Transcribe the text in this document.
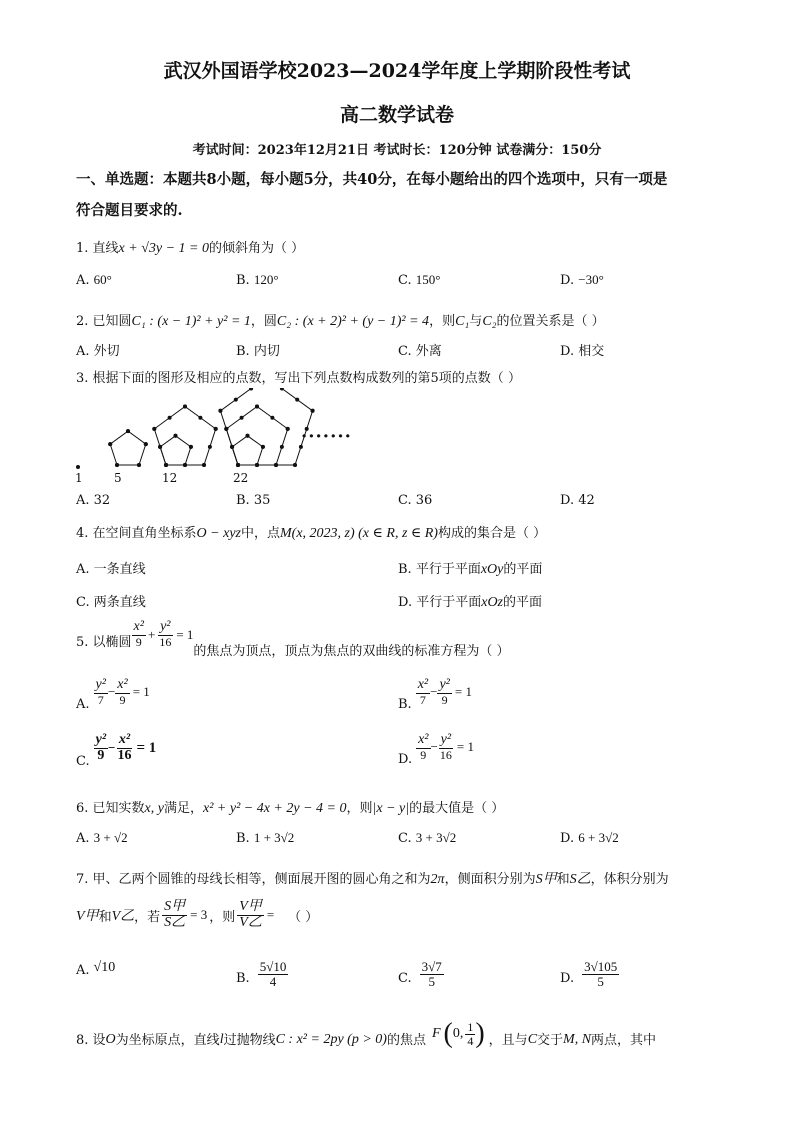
武汉外国语学校2023—2024学年度上学期阶段性考试
高二数学试卷
考试时间：2023年12月21日 考试时长：120分钟 试卷满分：150分
一、单选题：本题共8小题，每小题5分，共40分，在每小题给出的四个选项中，只有一项是
符合题目要求的.
1. 直线x + √3y − 1 = 0的倾斜角为（ ）
A. 60°	B. 120°	C. 150°	D. −30°
2. 已知圆C₁ : (x − 1)² + y² = 1，圆C₂ : (x + 2)² + (y − 1)² = 4，则C₁与C₂的位置关系是（ ）
A. 外切	B. 内切	C. 外离	D. 相交
3. 根据下面的图形及相应的点数，写出下列点数构成数列的第5项的点数（ ）
1	5	12	22
·······
A. 32	B. 35	C. 36	D. 42
4. 在空间直角坐标系O − xyz中，点M(x, 2023, z) (x ∈ R, z ∈ R)构成的集合是（ ）
A. 一条直线	B. 平行于平面xOy的平面
C. 两条直线	D. 平行于平面xOz的平面
5. 以椭圆 $\frac{\text{x²}}{9} + \frac{\text{y²}}{16} = 1$
的焦点为顶点，顶点为焦点的双曲线的标准方程为（ ）
A. $\frac{\text{y²}}{7} - \frac{\text{x²}}{9} = 1$
B. $\frac{\text{x²}}{7} - \frac{\text{y²}}{9} = 1$
C. $\frac{\text{y²}}{9} - \frac{\text{x²}}{16} = 1$
D. $\frac{\text{x²}}{9} - \frac{\text{y²}}{16} = 1$
6. 已知实数x, y满足，x² + y² − 4x + 2y − 4 = 0，则|x − y|的最大值是（ ）
A. 3 + √2	B. 1 + 3√2	C. 3 + 3√2	D. 6 + 3√2
7. 甲、乙两个圆锥的母线长相等，侧面展开图的圆心角之和为2π，侧面积分别为S甲和S乙，体积分别为
V甲 和 V乙 ，若 $\frac{\text{S甲}}{\text{S乙}} = 3$ ，则 $\frac{\text{V甲}}{\text{V乙}}$ = （ ）
A. √10
B. $\frac{5√10}{4}$	C. $\frac{3√7}{5}$	D. $\frac{3√105}{5}$
8. 设 O 为坐标原点，直线 l 过抛物线 C : x² = 2py (p > 0) 的焦点 F ( 0, $\frac{1}{4}$ ) ，且与 C 交于 M, N 两点，其中
